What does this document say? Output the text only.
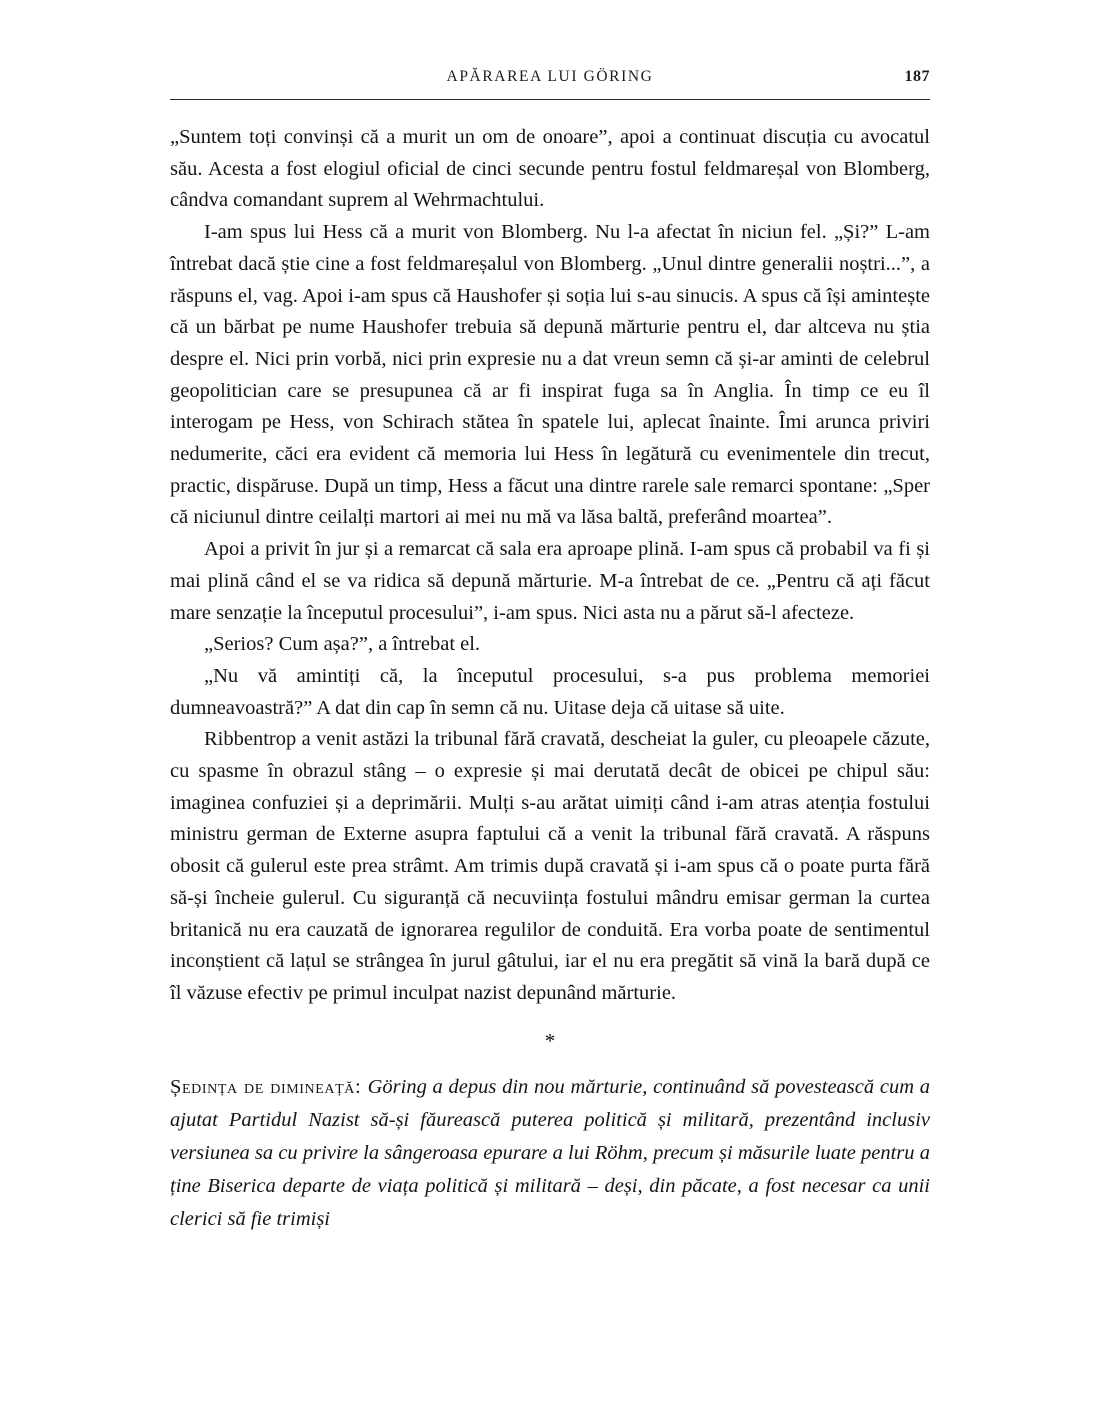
APĂRAREA LUI GÖRING	187

„Suntem toți convinși că a murit un om de onoare”, apoi a continuat discuția cu avocatul său. Acesta a fost elogiul oficial de cinci secunde pentru fostul feldmareșal von Blomberg, cândva comandant suprem al Wehrmachtului.

I-am spus lui Hess că a murit von Blomberg. Nu l-a afectat în niciun fel. „Și?” L-am întrebat dacă știe cine a fost feldmareșalul von Blomberg. „Unul dintre generalii noștri...”, a răspuns el, vag. Apoi i-am spus că Haushofer și soția lui s-au sinucis. A spus că își amintește că un bărbat pe nume Haushofer trebuia să depună mărturie pentru el, dar altceva nu știa despre el. Nici prin vorbă, nici prin expresie nu a dat vreun semn că și-ar aminti de celebrul geopolitician care se presupunea că ar fi inspirat fuga sa în Anglia. În timp ce eu îl interogam pe Hess, von Schirach stătea în spatele lui, aplecat înainte. Îmi arunca priviri nedumerite, căci era evident că memoria lui Hess în legătură cu evenimentele din trecut, practic, dispăruse. După un timp, Hess a făcut una dintre rarele sale remarci spontane: „Sper că niciunul dintre ceilalți martori ai mei nu mă va lăsa baltă, preferând moartea”.

Apoi a privit în jur și a remarcat că sala era aproape plină. I-am spus că probabil va fi și mai plină când el se va ridica să depună mărturie. M-a întrebat de ce. „Pentru că ați făcut mare senzație la începutul procesului”, i-am spus. Nici asta nu a părut să-l afecteze.

„Serios? Cum așa?”, a întrebat el.

„Nu vă amintiți că, la începutul procesului, s-a pus problema memoriei dumneavoastră?” A dat din cap în semn că nu. Uitase deja că uitase să uite.

Ribbentrop a venit astăzi la tribunal fără cravată, descheiat la guler, cu pleoapele căzute, cu spasme în obrazul stâng – o expresie și mai derutată decât de obicei pe chipul său: imaginea confuziei și a deprimării. Mulți s-au arătat uimiți când i-am atras atenția fostului ministru german de Externe asupra faptului că a venit la tribunal fără cravată. A răspuns obosit că gulerul este prea strâmt. Am trimis după cravată și i-am spus că o poate purta fără să-și încheie gulerul. Cu siguranță că necuviința fostului mândru emisar german la curtea britanică nu era cauzată de ignorarea regulilor de conduită. Era vorba poate de sentimentul inconștient că lațul se strângea în jurul gâtului, iar el nu era pregătit să vină la bară după ce îl văzuse efectiv pe primul inculpat nazist depunând mărturie.

*

Ședința de dimineață: Göring a depus din nou mărturie, continuând să povestească cum a ajutat Partidul Nazist să-și făurească puterea politică și militară, prezentând inclusiv versiunea sa cu privire la sângeroasa epurare a lui Röhm, precum și măsurile luate pentru a ține Biserica departe de viața politică și militară – deși, din păcate, a fost necesar ca unii clerici să fie trimiși
